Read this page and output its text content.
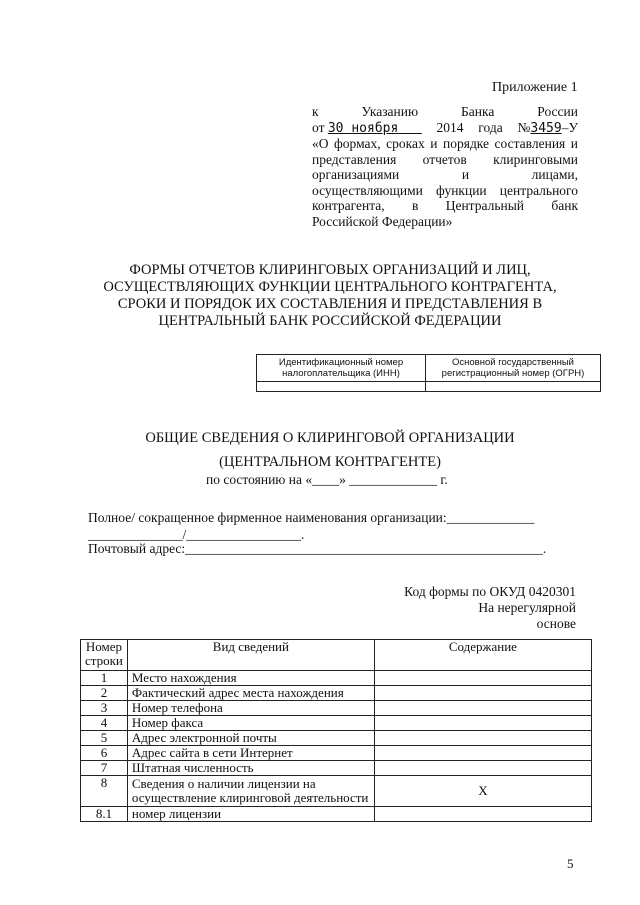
Приложение 1
к	Указанию	Банка	России
от 30 ноября	2014 года №3459–У
«О формах, сроках и порядке составления и
представления отчетов клиринговыми
организациями и лицами,
осуществляющими функции центрального
контрагента, в Центральный банк
Российской Федерации»
ФОРМЫ ОТЧЕТОВ КЛИРИНГОВЫХ ОРГАНИЗАЦИЙ И ЛИЦ, ОСУЩЕСТВЛЯЮЩИХ ФУНКЦИИ ЦЕНТРАЛЬНОГО КОНТРАГЕНТА, СРОКИ И ПОРЯДОК ИХ СОСТАВЛЕНИЯ И ПРЕДСТАВЛЕНИЯ В ЦЕНТРАЛЬНЫЙ БАНК РОССИЙСКОЙ ФЕДЕРАЦИИ
Идентификационный номер налогоплательщика (ИНН)	Основной государственный регистрационный номер (ОГРН)

ОБЩИЕ СВЕДЕНИЯ О КЛИРИНГОВОЙ ОРГАНИЗАЦИИ
(ЦЕНТРАЛЬНОМ КОНТРАГЕНТЕ)
по состоянию на «____» _____________ г.
Полное/ сокращенное фирменное наименования организации:_____________
______________/_________________.
Почтовый адрес:_____________________________________________________.
Код формы по ОКУД 0420301
На нерегулярной
основе
Номер строки	Вид сведений	Содержание
1	Место нахождения	
2	Фактический адрес места нахождения	
3	Номер телефона	
4	Номер факса	
5	Адрес электронной почты	
6	Адрес сайта в сети Интернет	
7	Штатная численность	
8	Сведения о наличии лицензии на осуществление клиринговой деятельности	Х
8.1	номер лицензии	
5
